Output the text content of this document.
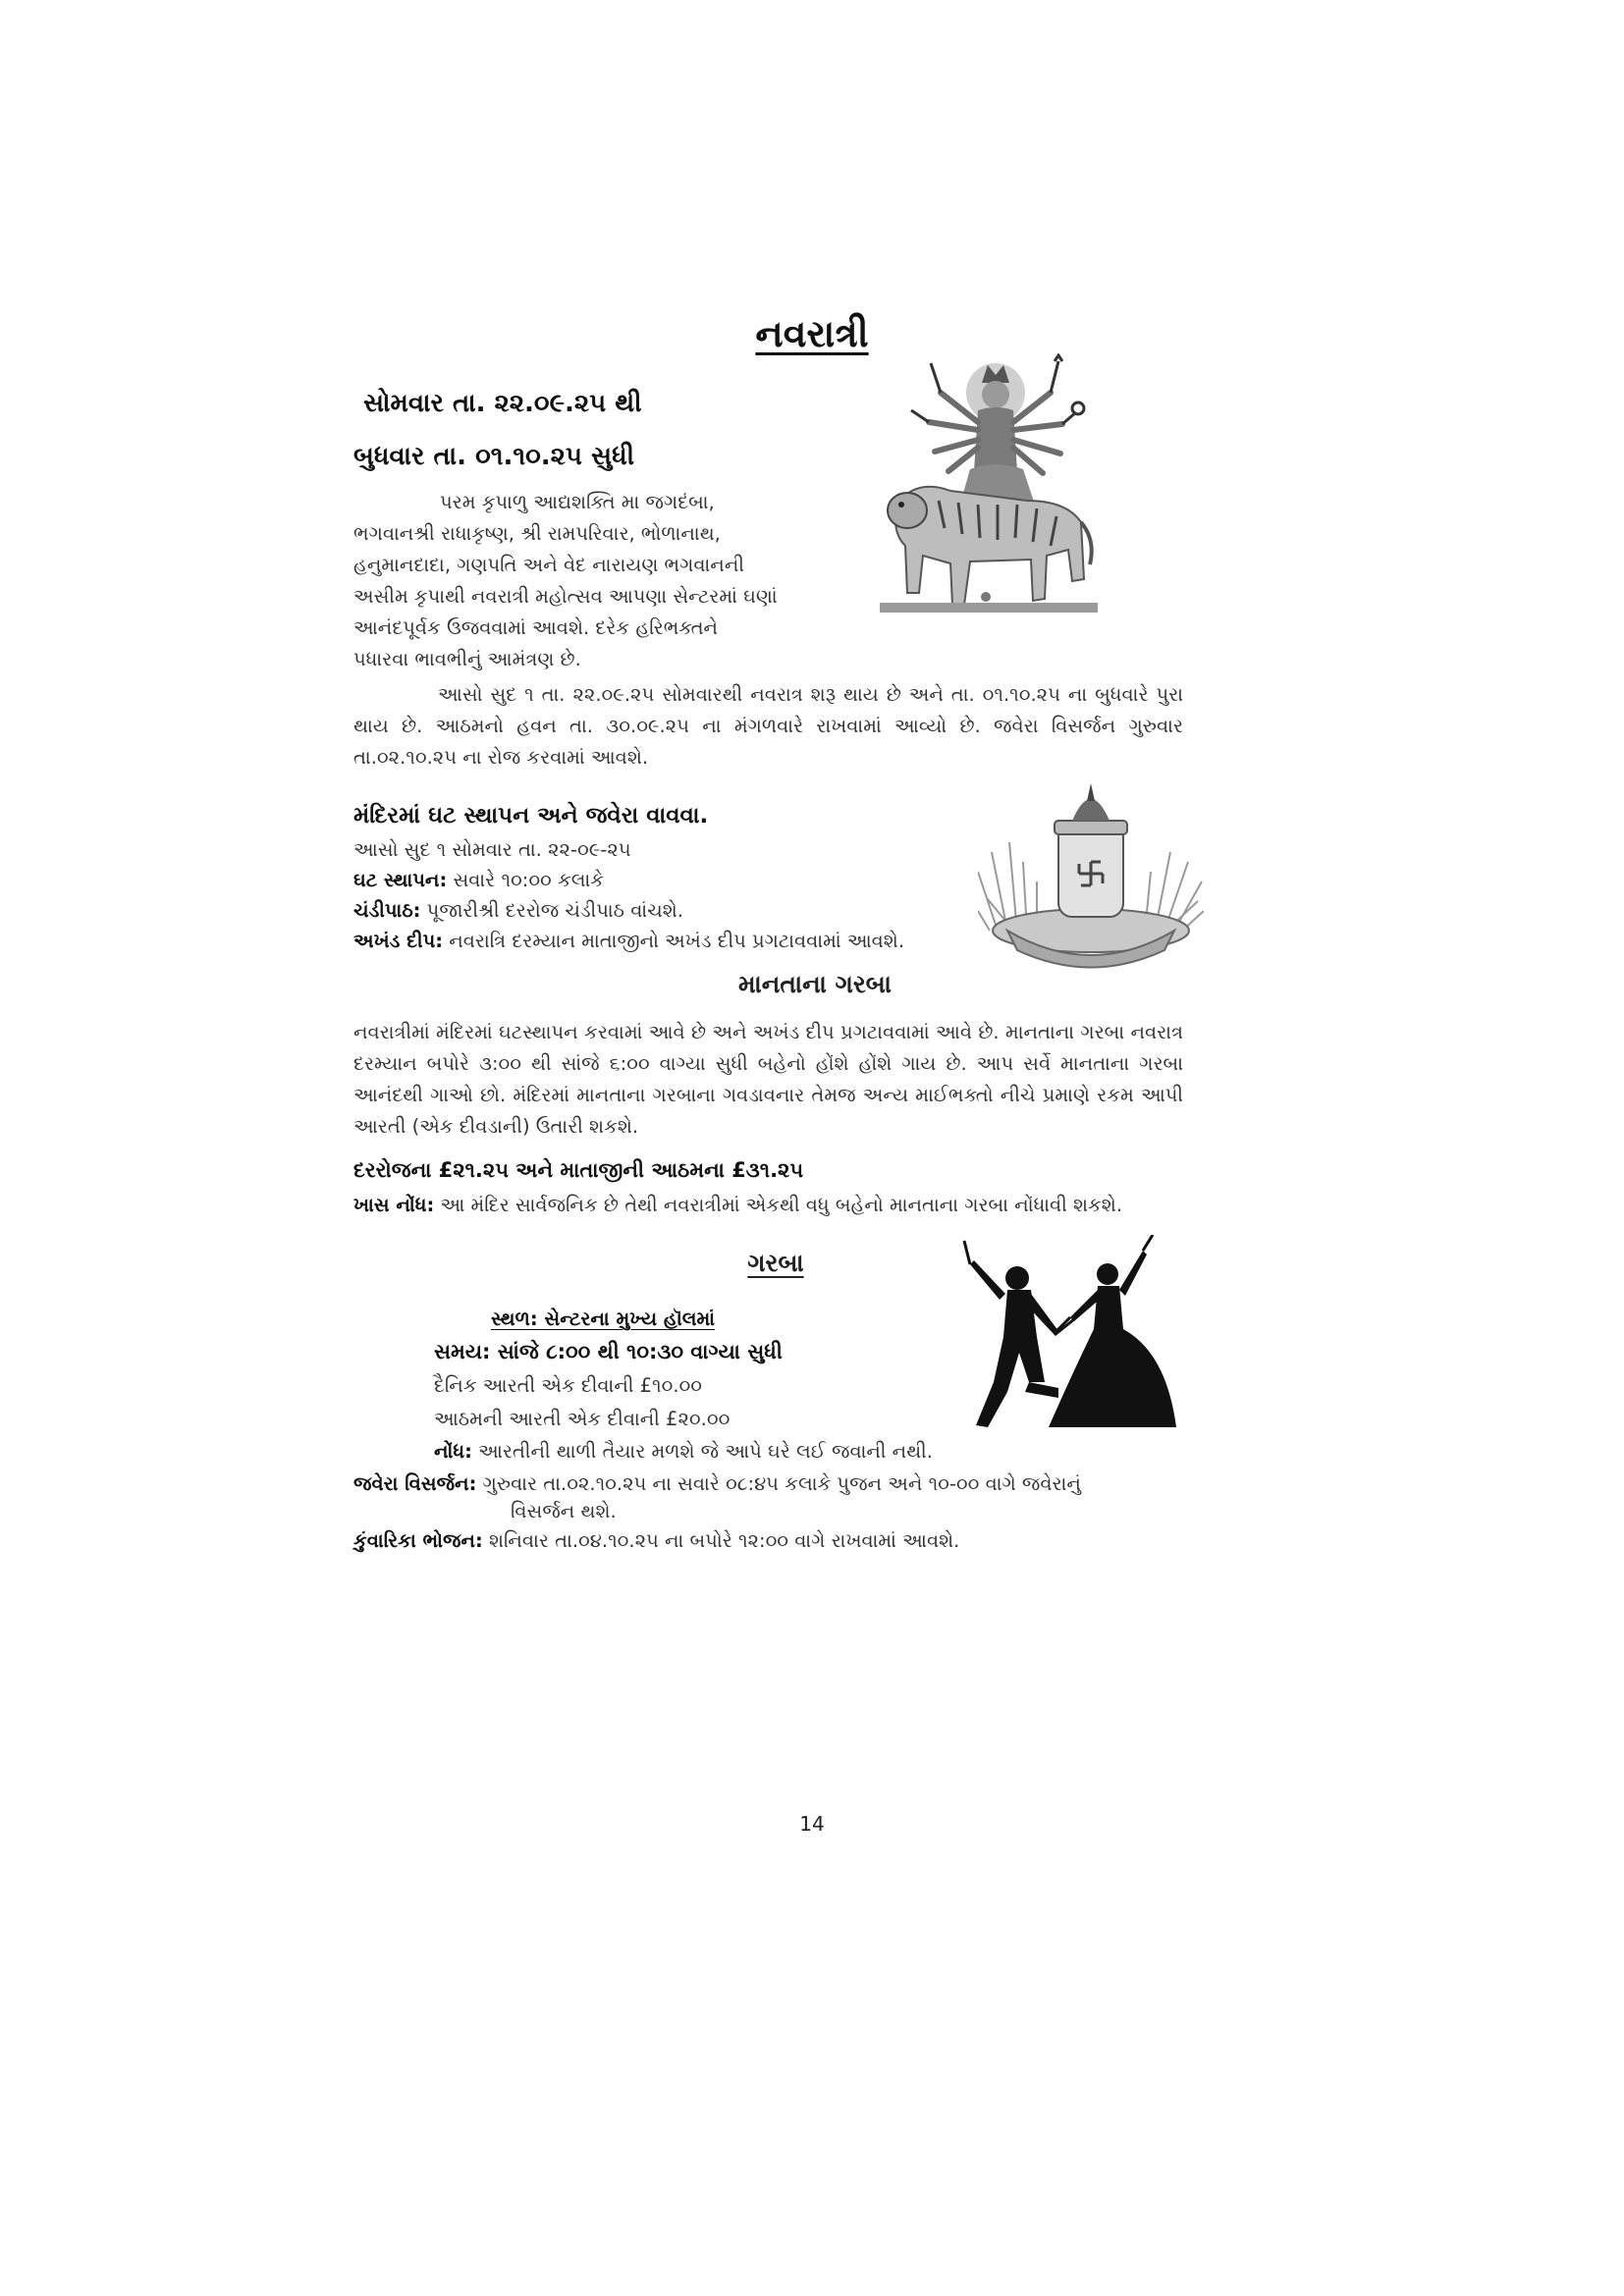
નવરાત્રી
સોમવાર તા. ૨૨.૦૯.૨૫ થી
બુધવાર તા. ૦૧.૧૦.૨૫ સુધી

પરમ કૃપાળુ આદ્યશક્તિ મા જગદંબા,

ભગવાનશ્રી રાધાકૃષ્ણ, શ્રી રામપરિવાર, ભોળાનાથ,

હનુમાનદાદા, ગણપતિ અને વેદ નારાયણ ભગવાનની

અસીમ કૃપાથી નવરાત્રી મહોત્સવ આપણા સેન્ટરમાં ઘણાં

આનંદપૂર્વક ઉજવવામાં આવશે. દરેક હરિભક્તને

પધારવા ભાવભીનું આમંત્રણ છે.

આસો સુદ ૧ તા. ૨૨.૦૯.૨૫ સોમવારથી નવરાત્ર શરૂ થાય છે અને તા. ૦૧.૧૦.૨૫ ના બુધવારે પુરા થાય છે. આઠમનો હવન તા. ૩૦.૦૯.૨૫ ના મંગળવારે રાખવામાં આવ્યો છે. જવેરા વિસર્જન ગુરુવાર તા.૦૨.૧૦.૨૫ ના રોજ કરવામાં આવશે.
મંદિરમાં ઘટ સ્થાપન અને જવેરા વાવવા.
આસો સુદ ૧ સોમવાર તા. ૨૨-૦૯-૨૫
ઘટ સ્થાપન: સવારે ૧૦:૦૦ કલાકે
ચંડીપાઠ: પૂજારીશ્રી દરરોજ ચંડીપાઠ વાંચશે.
અખંડ દીપ: નવરાત્રિ દરમ્યાન માતાજીનો અખંડ દીપ પ્રગટાવવામાં આવશે.
માનતાના ગરબા
નવરાત્રીમાં મંદિરમાં ઘટસ્થાપન કરવામાં આવે છે અને અખંડ દીપ પ્રગટાવવામાં આવે છે. માનતાના ગરબા નવરાત્ર દરમ્યાન બપોરે ૩:૦૦ થી સાંજે ૬:૦૦ વાગ્યા સુધી બહેનો હોંશે હોંશે ગાય છે. આપ સર્વે માનતાના ગરબા આનંદથી ગાઓ છો. મંદિરમાં માનતાના ગરબાના ગવડાવનાર તેમજ અન્ય માઈભક્તો નીચે પ્રમાણે રકમ આપી આરતી (એક દીવડાની) ઉતારી શકશે.
દરરોજના £૨૧.૨૫ અને માતાજીની આઠમના £૩૧.૨૫
ખાસ નોંધ: આ મંદિર સાર્વજનિક છે તેથી નવરાત્રીમાં એકથી વધુ બહેનો માનતાના ગરબા નોંધાવી શકશે.
ગરબા
સ્થળ: સેન્ટરના મુખ્ય હૉલમાં
સમય: સાંજે ૮:૦૦ થી ૧૦:૩૦ વાગ્યા સુધી
દૈનિક આરતી એક દીવાની £૧૦.૦૦
આઠમની આરતી એક દીવાની £૨૦.૦૦
નોંધ: આરતીની થાળી તૈયાર મળશે જે આપે ઘરે લઈ જવાની નથી.
જવેરા વિસર્જન: ગુરુવાર તા.૦૨.૧૦.૨૫ ના સવારે ૦૮:૪૫ કલાકે પુજન અને ૧૦-૦૦ વાગે જવેરાનું
વિસર્જન થશે.
કુંવારિકા ભોજન: શનિવાર તા.૦૪.૧૦.૨૫ ના બપોરે ૧૨:૦૦ વાગે રાખવામાં આવશે.
14
